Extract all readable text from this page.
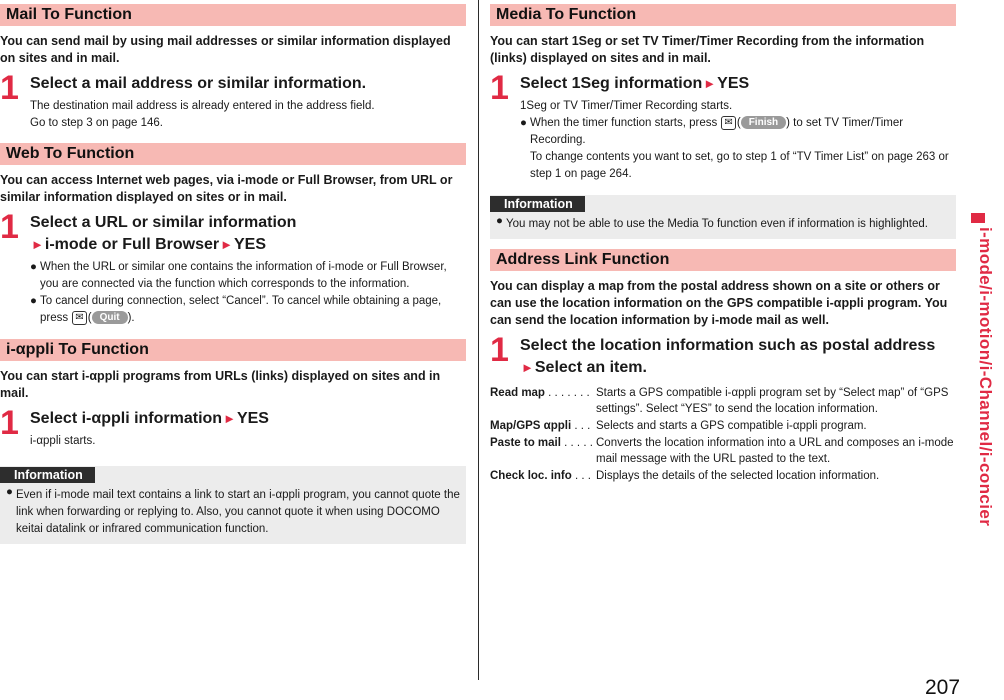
Mail To Function
You can send mail by using mail addresses or similar information displayed on sites and in mail.
1 Select a mail address or similar information.
The destination mail address is already entered in the address field.
Go to step 3 on page 146.
Web To Function
You can access Internet web pages, via i-mode or Full Browser, from URL or similar information displayed on sites or in mail.
1 Select a URL or similar information
►i-mode or Full Browser►YES
● When the URL or similar one contains the information of i-mode or Full Browser, you are connected via the function which corresponds to the information.
● To cancel during connection, select “Cancel”. To cancel while obtaining a page, press ✉ ( Quit ).
i-αppli To Function
You can start i-αppli programs from URLs (links) displayed on sites and in mail.
1 Select i-αppli information►YES
i-αppli starts.
Information
● Even if i-mode mail text contains a link to start an i-αppli program, you cannot quote the link when forwarding or replying to. Also, you cannot quote it when using DOCOMO keitai datalink or infrared communication function.
Media To Function
You can start 1Seg or set TV Timer/Timer Recording from the information (links) displayed on sites and in mail.
1 Select 1Seg information►YES
1Seg or TV Timer/Timer Recording starts.
● When the timer function starts, press ✉ ( Finish ) to set TV Timer/Timer Recording.
To change contents you want to set, go to step 1 of “TV Timer List” on page 263 or step 1 on page 264.
Information
● You may not be able to use the Media To function even if information is highlighted.
Address Link Function
You can display a map from the postal address shown on a site or others or can use the location information on the GPS compatible i-αppli program. You can send the location information by i-mode mail as well.
1 Select the location information such as postal address
►Select an item.
Read map . . . . . . . Starts a GPS compatible i-αppli program set by “Select map” of “GPS settings”. Select “YES” to send the location information.
Map/GPS αppli . . . Selects and starts a GPS compatible i-αppli program.
Paste to mail . . . . . Converts the location information into a URL and composes an i-mode mail message with the URL pasted to the text.
Check loc. info . . . Displays the details of the selected location information.	i-mode/i-motion/i-Channel/i-concier
207
